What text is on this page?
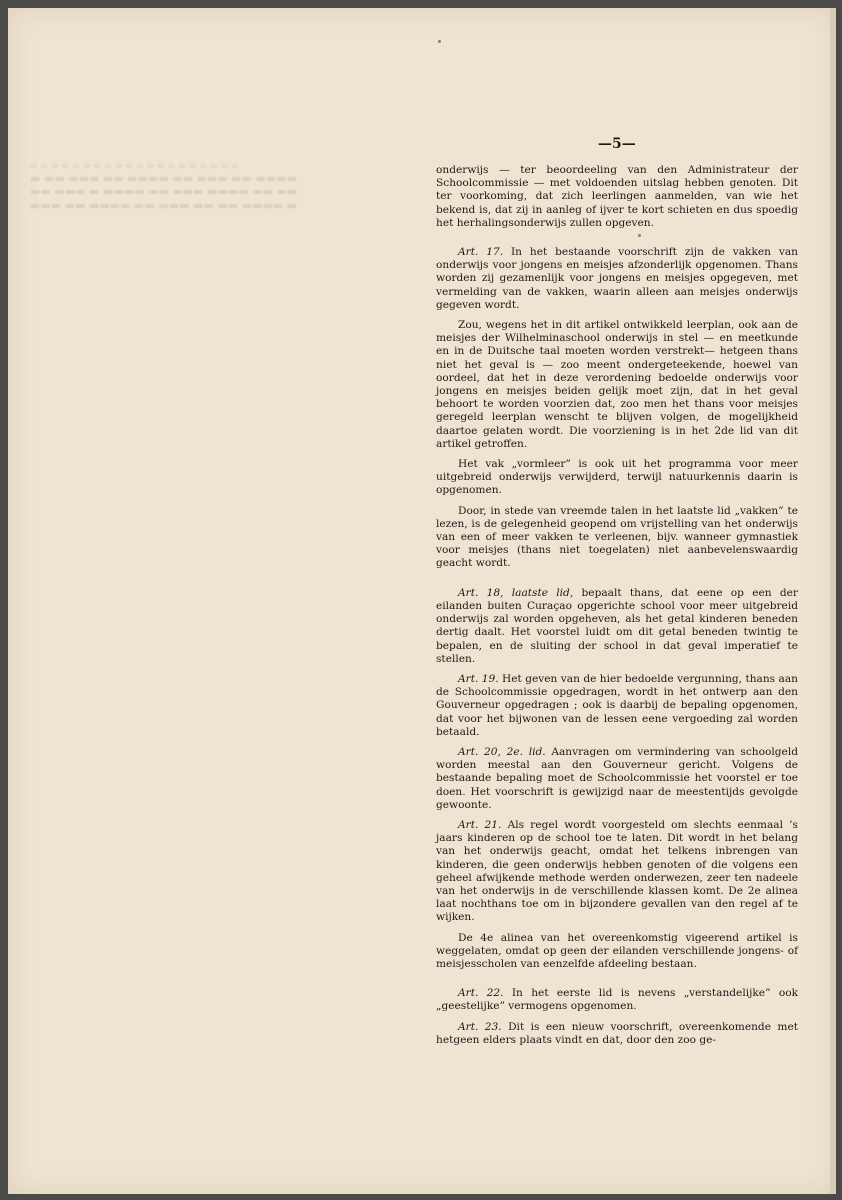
ⴰ ⴰ ⴰ ⴰ ⴰ ⴰ ⴰ ⴰ ⴰ ⴰ ⴰ ⴰ ⴰ ⴰ ⴰ ⴰ ⴰ ⴰ ⴰ ⴰ
▬ ▬▬ ▬▬▬ ▬▬ ▬▬▬▬ ▬▬ ▬▬▬ ▬▬ ▬▬▬▬
▬▬ ▬▬▬ ▬ ▬▬▬▬ ▬▬ ▬▬▬ ▬▬▬▬ ▬▬ ▬▬
▬▬▬ ▬▬ ▬▬▬▬ ▬▬ ▬▬▬ ▬▬ ▬▬ ▬▬▬▬ ▬
—5—

onderwijs — ter beoordeeling van den Administrateur der Schoolcommissie — met voldoenden uitslag hebben genoten. Dit ter voorkoming, dat zich leerlingen aanmelden, van wie het bekend is, dat zij in aanleg of ijver te kort schieten en dus spoedig het herhalingsonderwijs zullen opgeven.

Art. 17. In het bestaande voorschrift zijn de vakken van onderwijs voor jongens en meisjes afzonderlijk opgenomen. Thans worden zij gezamenlijk voor jongens en meisjes opgegeven, met vermelding van de vakken, waarin alleen aan meisjes onderwijs gegeven wordt.

Zou, wegens het in dit artikel ontwikkeld leerplan, ook aan de meisjes der Wilhelminaschool onderwijs in stel — en meetkunde en in de Duitsche taal moeten worden verstrekt— hetgeen thans niet het geval is — zoo meent ondergeteekende, hoewel van oordeel, dat het in deze verordening bedoelde onderwijs voor jongens en meisjes beiden gelijk moet zijn, dat in het geval behoort te worden voorzien dat, zoo men het thans voor meisjes geregeld leerplan wenscht te blijven volgen, de mogelijkheid daartoe gelaten wordt. Die voorziening is in het 2de lid van dit artikel getroffen.

Het vak „vormleer” is ook uit het programma voor meer uitgebreid onderwijs verwijderd, terwijl natuurkennis daarin is opgenomen.

Door, in stede van vreemde talen in het laatste lid „vakken” te lezen, is de gelegenheid geopend om vrijstelling van het onderwijs van een of meer vakken te verleenen, bijv. wanneer gymnastiek voor meisjes (thans niet toegelaten) niet aanbevelenswaardig geacht wordt.

Art. 18, laatste lid, bepaalt thans, dat eene op een der eilanden buiten Curaçao opgerichte school voor meer uitgebreid onderwijs zal worden opgeheven, als het getal kinderen beneden dertig daalt. Het voorstel luidt om dit getal beneden twintig te bepalen, en de sluiting der school in dat geval imperatief te stellen.

Art. 19. Het geven van de hier bedoelde vergunning, thans aan de Schoolcommissie opgedragen, wordt in het ontwerp aan den Gouverneur opgedragen ; ook is daarbij de bepaling opgenomen, dat voor het bijwonen van de lessen eene vergoeding zal worden betaald.

Art. 20, 2e. lid. Aanvragen om vermindering van schoolgeld worden meestal aan den Gouverneur gericht. Volgens de bestaande bepaling moet de Schoolcommissie het voorstel er toe doen. Het voorschrift is gewijzigd naar de meestentijds gevolgde gewoonte.

Art. 21. Als regel wordt voorgesteld om slechts eenmaal ’s jaars kinderen op de school toe te laten. Dit wordt in het belang van het onderwijs geacht, omdat het telkens inbrengen van kinderen, die geen onderwijs hebben genoten of die volgens een geheel afwijkende methode werden onderwezen, zeer ten nadeele van het onderwijs in de verschillende klassen komt. De 2e alinea laat nochthans toe om in bijzondere gevallen van den regel af te wijken.

De 4e alinea van het overeenkomstig vigeerend artikel is weggelaten, omdat op geen der eilanden verschillende jongens- of meisjesscholen van eenzelfde afdeeling bestaan.

Art. 22. In het eerste lid is nevens „verstandelijke” ook „geestelijke” vermogens opgenomen.

Art. 23. Dit is een nieuw voorschrift, overeenkomende met hetgeen elders plaats vindt en dat, door den zoo ge-
